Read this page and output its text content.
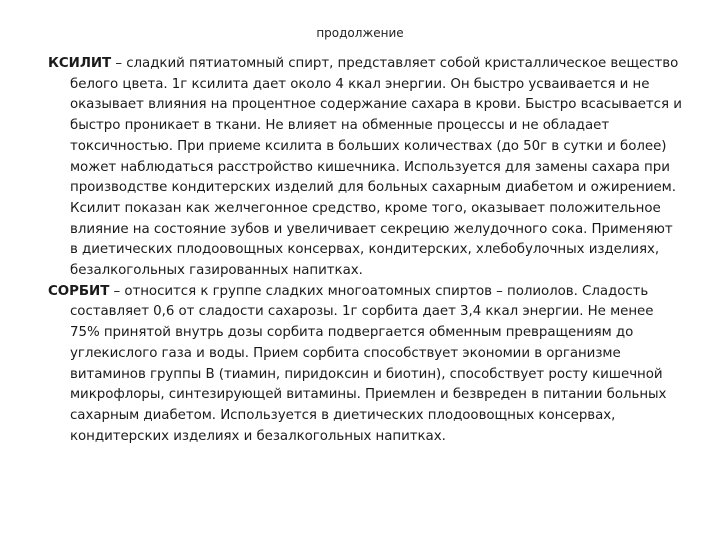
продолжение

КСИЛИТ – сладкий пятиатомный спирт, представляет собой кристаллическое вещество белого цвета. 1г ксилита дает около 4 ккал энергии. Он быстро усваивается и не оказывает влияния на процентное содержание сахара в крови. Быстро всасывается и быстро проникает в ткани. Не влияет на обменные процессы и не обладает токсичностью. При приеме ксилита в больших количествах (до 50г в сутки и более) может наблюдаться расстройство кишечника. Используется для замены сахара при производстве кондитерских изделий для больных сахарным диабетом и ожирением. Ксилит показан как желчегонное средство, кроме того, оказывает положительное влияние на состояние зубов и увеличивает секрецию желудочного сока. Применяют в диетических плодоовощных консервах, кондитерских, хлебобулочных изделиях, безалкогольных газированных напитках.

СОРБИТ – относится к группе сладких многоатомных спиртов – полиолов. Сладость составляет 0,6 от сладости сахарозы. 1г сорбита дает 3,4 ккал энергии. Не менее 75% принятой внутрь дозы сорбита подвергается обменным превращениям до углекислого газа и воды. Прием сорбита способствует экономии в организме витаминов группы В (тиамин, пиридоксин и биотин), способствует росту кишечной микрофлоры, синтезирующей витамины. Приемлен и безвреден в питании больных сахарным диабетом. Используется в диетических плодоовощных консервах, кондитерских изделиях и безалкогольных напитках.
